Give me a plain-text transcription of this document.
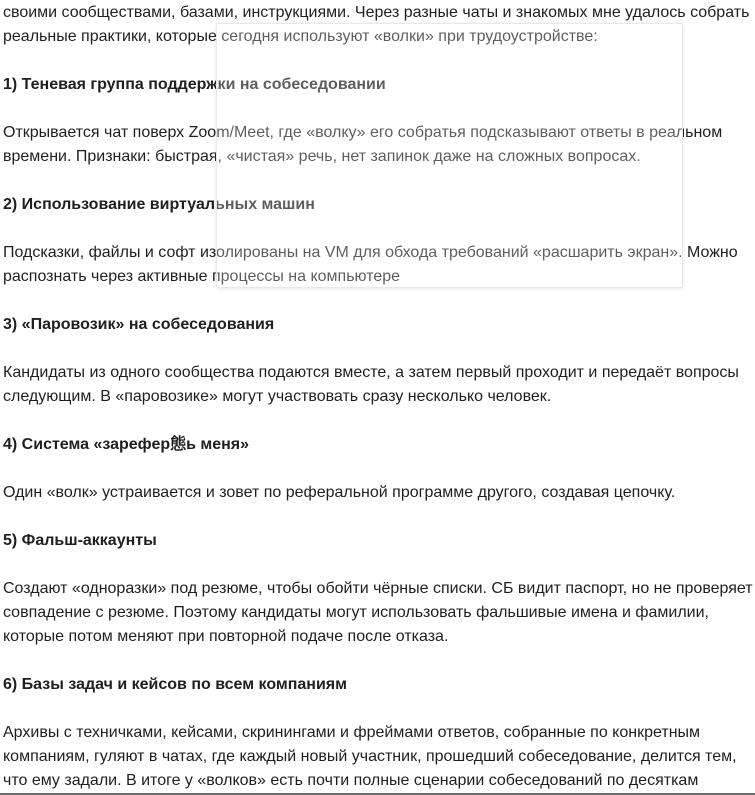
своими сообществами, базами, инструкциями. Через разные чаты и знакомых мне удалось собрать реальные практики, которые сегодня используют «волки» при трудоустройстве:

1) Теневая группа поддержки на собеседовании

Открывается чат поверх Zoom/Meet, где «волку» его собратья подсказывают ответы в реальном времени. Признаки: быстрая, «чистая» речь, нет запинок даже на сложных вопросах.

2) Использование виртуальных машин

Подсказки, файлы и софт изолированы на VM для обхода требований «расшарить экран». Можно распознать через активные процессы на компьютере

3) «Паровозик» на собеседования

Кандидаты из одного сообщества подаются вместе, а затем первый проходит и передаёт вопросы следующим. В «паровозике» могут участвовать сразу несколько человек.

4) Система «зарефер態ь меня»

Один «волк» устраивается и зовет по реферальной программе другого, создавая цепочку.

5) Фальш-аккаунты

Создают «одноразки» под резюме, чтобы обойти чёрные списки. СБ видит паспорт, но не проверяет совпадение с резюме. Поэтому кандидаты могут использовать фальшивые имена и фамилии, которые потом меняют при повторной подаче после отказа.

6) Базы задач и кейсов по всем компаниям

Архивы с техничками, кейсами, скринингами и фреймами ответов, собранные по конкретным компаниям, гуляют в чатах, где каждый новый участник, прошедший собеседование, делится тем, что ему задали. В итоге у «волков» есть почти полные сценарии собеседований по десяткам
